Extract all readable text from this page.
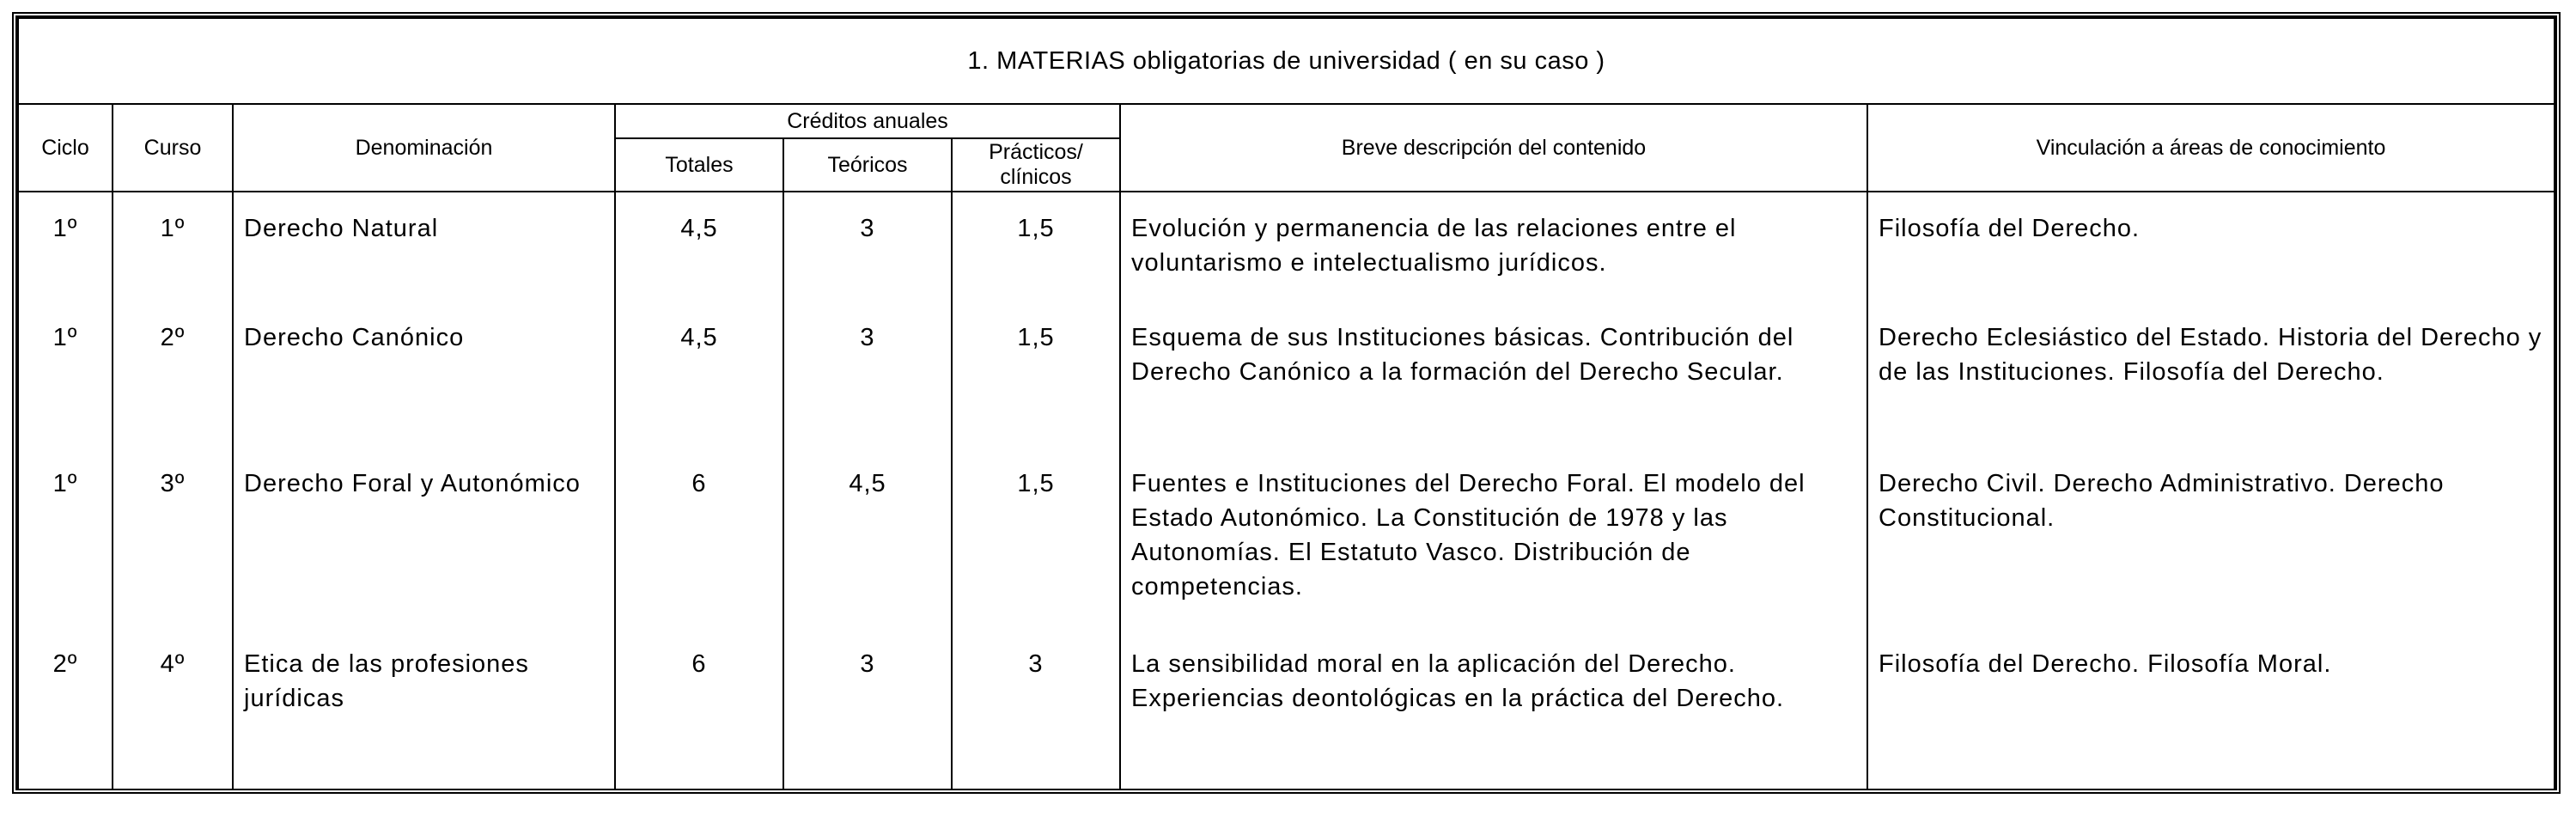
1. MATERIAS obligatorias de universidad ( en su caso )							
Ciclo	Curso	Denominación	Créditos anuales			Breve descripción del contenido	Vinculación a áreas de conocimiento
			Totales	Teóricos	Prácticos/ clínicos		
1º	1º	Derecho Natural	4,5	3	1,5	Evolución y permanencia de las relaciones entre el voluntarismo e intelectualismo jurídicos.	Filosofía del Derecho.
1º	2º	Derecho Canónico	4,5	3	1,5	Esquema de sus Instituciones básicas. Contribución del Derecho Canónico a la formación del Derecho Secular.	Derecho Eclesiástico del Estado. Historia del Derecho y de las Instituciones. Filosofía del Derecho.
1º	3º	Derecho Foral y Autonómico	6	4,5	1,5	Fuentes e Instituciones del Derecho Foral. El modelo del Estado Autonómico. La Constitución de 1978 y las Autonomías. El Estatuto Vasco. Distribución de competencias.	Derecho Civil. Derecho Administrativo. Derecho Constitucional.
2º	4º	Etica de las profesiones jurídicas	6	3	3	La sensibilidad moral en la aplicación del Derecho. Experiencias deontológicas en la práctica del Derecho.	Filosofía del Derecho. Filosofía Moral.
